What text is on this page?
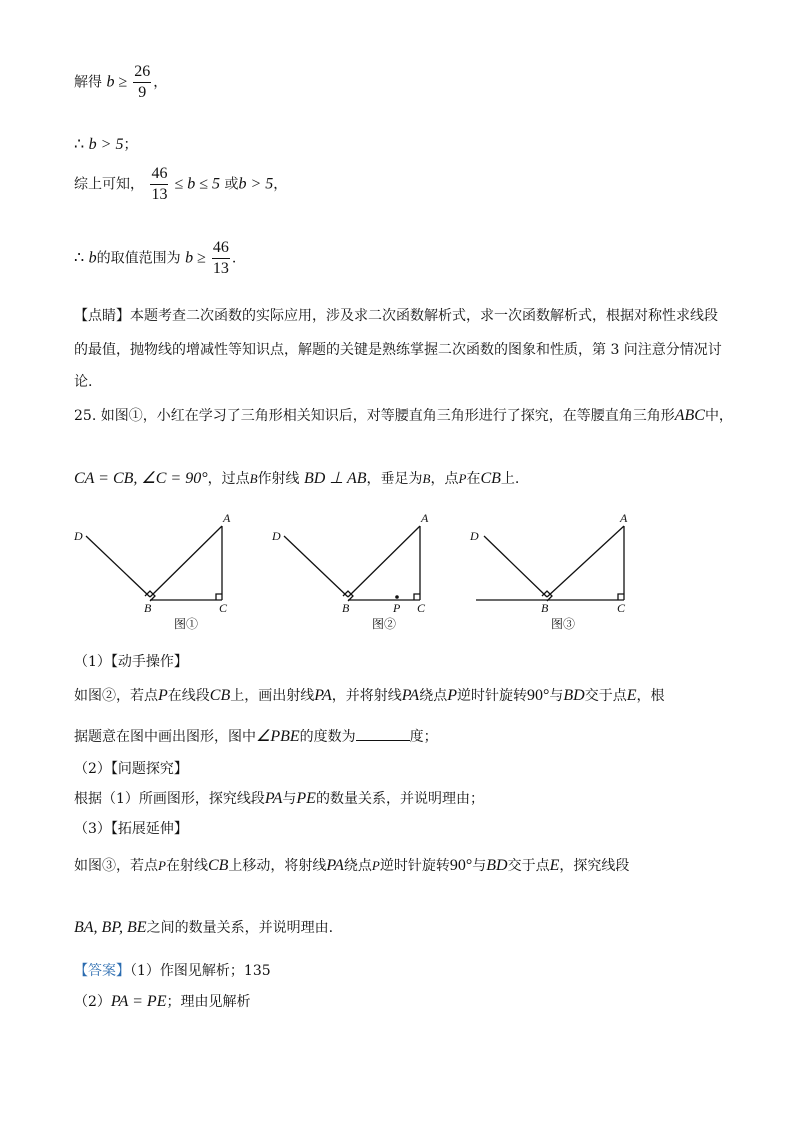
解得 $b \ge \frac{26}{9}$ ，
∴ b > 5；
综上可知， $\frac{46}{13} \le b \le 5$ 或b > 5，
∴ b的取值范围为 $b \ge \frac{46}{13}$ .
【点睛】本题考查二次函数的实际应用，涉及求二次函数解析式，求一次函数解析式，根据对称性求线段
的最值，抛物线的增减性等知识点，解题的关键是熟练掌握二次函数的图象和性质，第 3 问注意分情况讨
论.
25. 如图①，小红在学习了三角形相关知识后，对等腰直角三角形进行了探究，在等腰直角三角形ABC中，
CA = CB, ∠C = 90°，过点B作射线 BD ⊥ AB，垂足为B，点P在CB上.
A
D
B	C
图①
A
D
B	P C
图②
A
D
B	C
图③
（1）【动手操作】
如图②，若点P在线段CB上，画出射线PA，并将射线PA绕点P逆时针旋转90°与BD交于点E，根
据题意在图中画出图形，图中∠PBE的度数为	度；
（2）【问题探究】
根据（1）所画图形，探究线段PA与PE的数量关系，并说明理由；
（3）【拓展延伸】
如图③，若点P在射线CB上移动，将射线PA绕点P逆时针旋转90°与BD交于点E，探究线段
BA, BP, BE之间的数量关系，并说明理由.
【答案】（1）作图见解析；135
（2）PA = PE；理由见解析
